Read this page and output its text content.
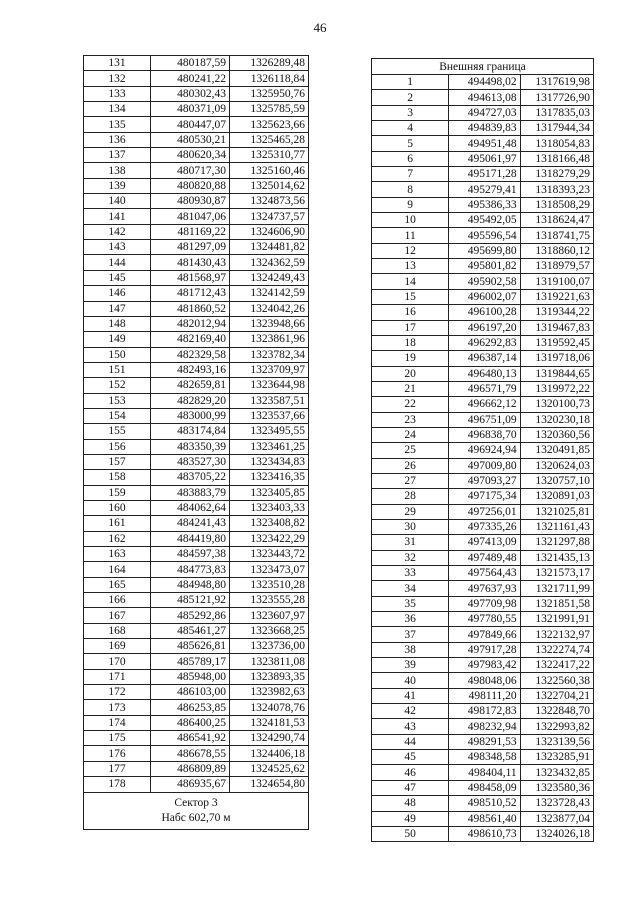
46
131	480187,59	1326289,48
132	480241,22	1326118,84
133	480302,43	1325950,76
134	480371,09	1325785,59
135	480447,07	1325623,66
136	480530,21	1325465,28
137	480620,34	1325310,77
138	480717,30	1325160,46
139	480820,88	1325014,62
140	480930,87	1324873,56
141	481047,06	1324737,57
142	481169,22	1324606,90
143	481297,09	1324481,82
144	481430,43	1324362,59
145	481568,97	1324249,43
146	481712,43	1324142,59
147	481860,52	1324042,26
148	482012,94	1323948,66
149	482169,40	1323861,96
150	482329,58	1323782,34
151	482493,16	1323709,97
152	482659,81	1323644,98
153	482829,20	1323587,51
154	483000,99	1323537,66
155	483174,84	1323495,55
156	483350,39	1323461,25
157	483527,30	1323434,83
158	483705,22	1323416,35
159	483883,79	1323405,85
160	484062,64	1323403,33
161	484241,43	1323408,82
162	484419,80	1323422,29
163	484597,38	1323443,72
164	484773,83	1323473,07
165	484948,80	1323510,28
166	485121,92	1323555,28
167	485292,86	1323607,97
168	485461,27	1323668,25
169	485626,81	1323736,00
170	485789,17	1323811,08
171	485948,00	1323893,35
172	486103,00	1323982,63
173	486253,85	1324078,76
174	486400,25	1324181,53
175	486541,92	1324290,74
176	486678,55	1324406,18
177	486809,89	1324525,62
178	486935,67	1324654,80

Сектор 3
Набс 602,70 м		
Внешняя граница		
1	494498,02	1317619,98
2	494613,08	1317726,90
3	494727,03	1317835,03
4	494839,83	1317944,34
5	494951,48	1318054,83
6	495061,97	1318166,48
7	495171,28	1318279,29
8	495279,41	1318393,23
9	495386,33	1318508,29
10	495492,05	1318624,47
11	495596,54	1318741,75
12	495699,80	1318860,12
13	495801,82	1318979,57
14	495902,58	1319100,07
15	496002,07	1319221,63
16	496100,28	1319344,22
17	496197,20	1319467,83
18	496292,83	1319592,45
19	496387,14	1319718,06
20	496480,13	1319844,65
21	496571,79	1319972,22
22	496662,12	1320100,73
23	496751,09	1320230,18
24	496838,70	1320360,56
25	496924,94	1320491,85
26	497009,80	1320624,03
27	497093,27	1320757,10
28	497175,34	1320891,03
29	497256,01	1321025,81
30	497335,26	1321161,43
31	497413,09	1321297,88
32	497489,48	1321435,13
33	497564,43	1321573,17
34	497637,93	1321711,99
35	497709,98	1321851,58
36	497780,55	1321991,91
37	497849,66	1322132,97
38	497917,28	1322274,74
39	497983,42	1322417,22
40	498048,06	1322560,38
41	498111,20	1322704,21
42	498172,83	1322848,70
43	498232,94	1322993,82
44	498291,53	1323139,56
45	498348,58	1323285,91
46	498404,11	1323432,85
47	498458,09	1323580,36
48	498510,52	1323728,43
49	498561,40	1323877,04
50	498610,73	1324026,18
